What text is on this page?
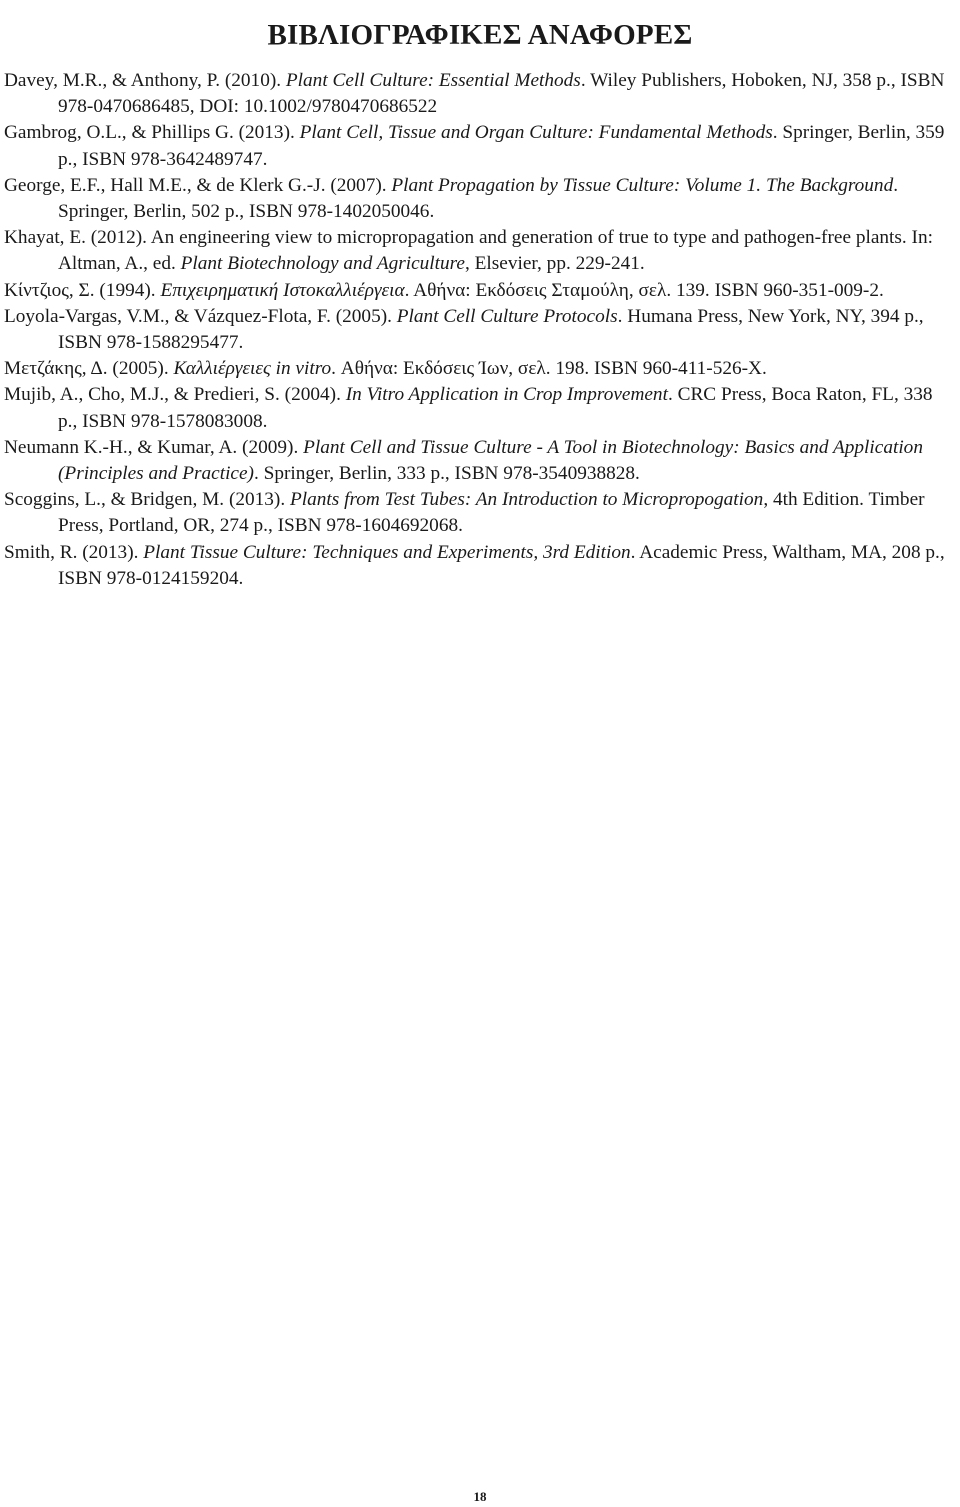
ΒΙΒΛΙΟΓΡΑΦΙΚΕΣ ΑΝΑΦΟΡΕΣ
Davey, M.R., & Anthony, P. (2010). Plant Cell Culture: Essential Methods. Wiley Publishers, Hoboken, NJ, 358 p., ISBN 978-0470686485, DOI: 10.1002/9780470686522
Gambrog, O.L., & Phillips G. (2013). Plant Cell, Tissue and Organ Culture: Fundamental Methods. Springer, Berlin, 359 p., ISBN 978-3642489747.
George, E.F., Hall M.E., & de Klerk G.-J. (2007). Plant Propagation by Tissue Culture: Volume 1. The Background. Springer, Berlin, 502 p., ISBN 978-1402050046.
Khayat, E. (2012). An engineering view to micropropagation and generation of true to type and pathogen-free plants. In: Altman, A., ed. Plant Biotechnology and Agriculture, Elsevier, pp. 229-241.
Κίντζιος, Σ. (1994). Επιχειρηματική Ιστοκαλλιέργεια. Αθήνα: Εκδόσεις Σταμούλη, σελ. 139. ISBN 960-351-009-2.
Loyola-Vargas, V.M., & Vázquez-Flota, F. (2005). Plant Cell Culture Protocols. Humana Press, New York, NY, 394 p., ISBN 978-1588295477.
Μετζάκης, Δ. (2005). Καλλιέργειες in vitro. Αθήνα: Εκδόσεις Ίων, σελ. 198. ISBN 960-411-526-X.
Mujib, A., Cho, M.J., & Predieri, S. (2004). In Vitro Application in Crop Improvement. CRC Press, Boca Raton, FL, 338 p., ISBN 978-1578083008.
Neumann K.-H., & Kumar, A. (2009). Plant Cell and Tissue Culture - A Tool in Biotechnology: Basics and Application (Principles and Practice). Springer, Berlin, 333 p., ISBN 978-3540938828.
Scoggins, L., & Bridgen, M. (2013). Plants from Test Tubes: An Introduction to Micropropogation, 4th Edition. Timber Press, Portland, OR, 274 p., ISBN 978-1604692068.
Smith, R. (2013). Plant Tissue Culture: Techniques and Experiments, 3rd Edition. Academic Press, Waltham, MA, 208 p., ISBN 978-0124159204.
18
